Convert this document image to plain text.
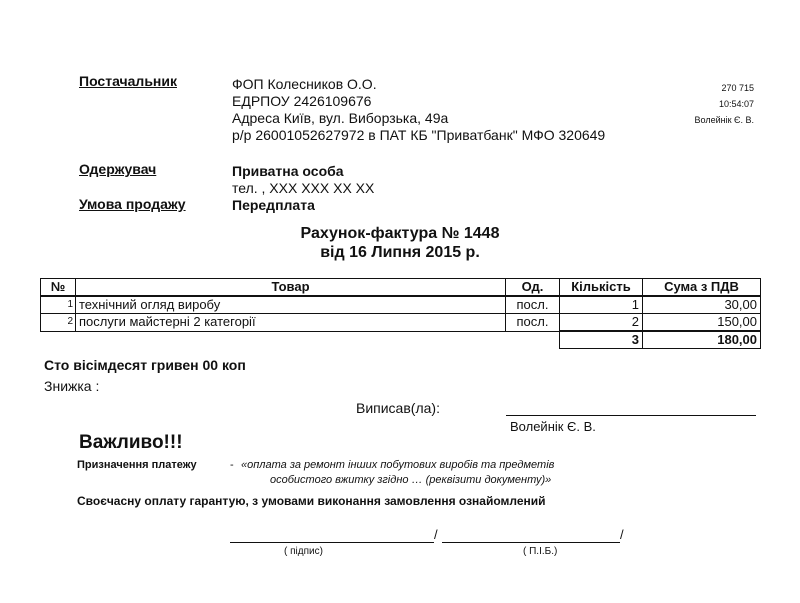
Постачальник	ФОП Колесников О.О.
ЕДРПОУ 2426109676
Адреса Київ, вул. Виборзька, 49а
р/р 26001052627972 в ПАТ КБ "Приватбанк" МФО 320649
270 715
10:54:07
Волейнік Є. В.
Одержувач	Приватна особа
тел. , XXX XXX XX XX
Умова продажу	Передплата
Рахунок-фактура № 1448
від 16 Липня 2015 р.
№	Товар	Од.	Кількість	Сума з ПДВ
1	технічний огляд виробу	посл.	1	30,00
2	послуги майстерні 2 категорії	посл.	2	150,00
			3	180,00
Сто вісімдесят гривен 00 коп
Знижка :
Виписав(ла):
Волейнік Є. В.
Важливо!!!
Призначення платежу	- «оплата за ремонт інших побутових виробів та предметів
особистого вжитку згідно … (реквізити документу)»
Своєчасну оплату гарантую, з умовами виконання замовлення ознайомлений
/	/
( підпис)	( П.І.Б.)
